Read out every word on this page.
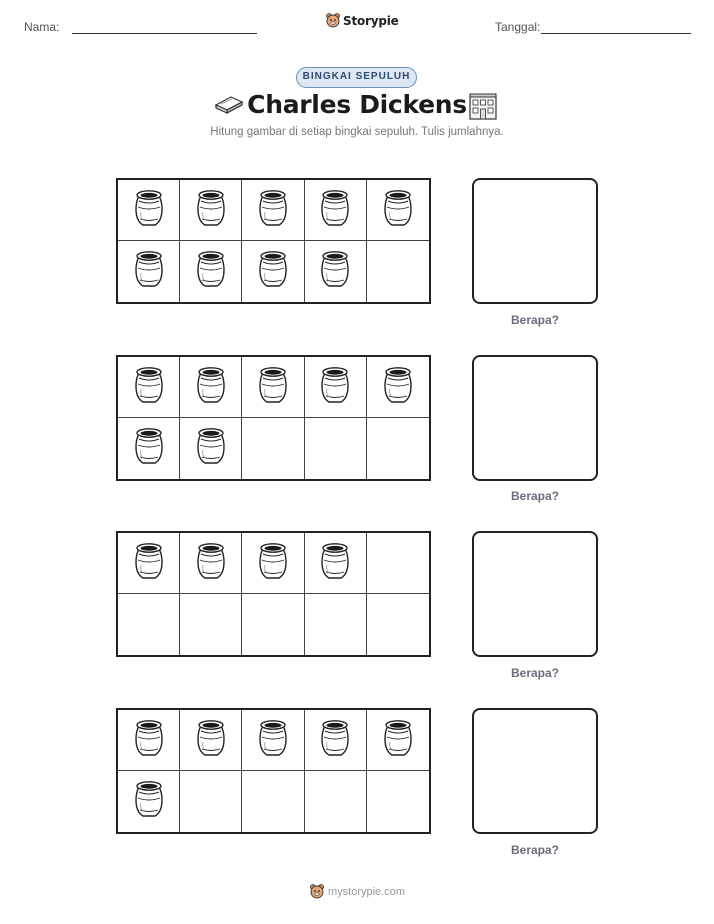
Nama:	Storypie	Tanggal:
BINGKAI SEPULUH
Charles Dickens
Hitung gambar di setiap bingkai sepuluh. Tulis jumlahnya.
Berapa?
Berapa?
Berapa?
Berapa?
mystorypie.com
